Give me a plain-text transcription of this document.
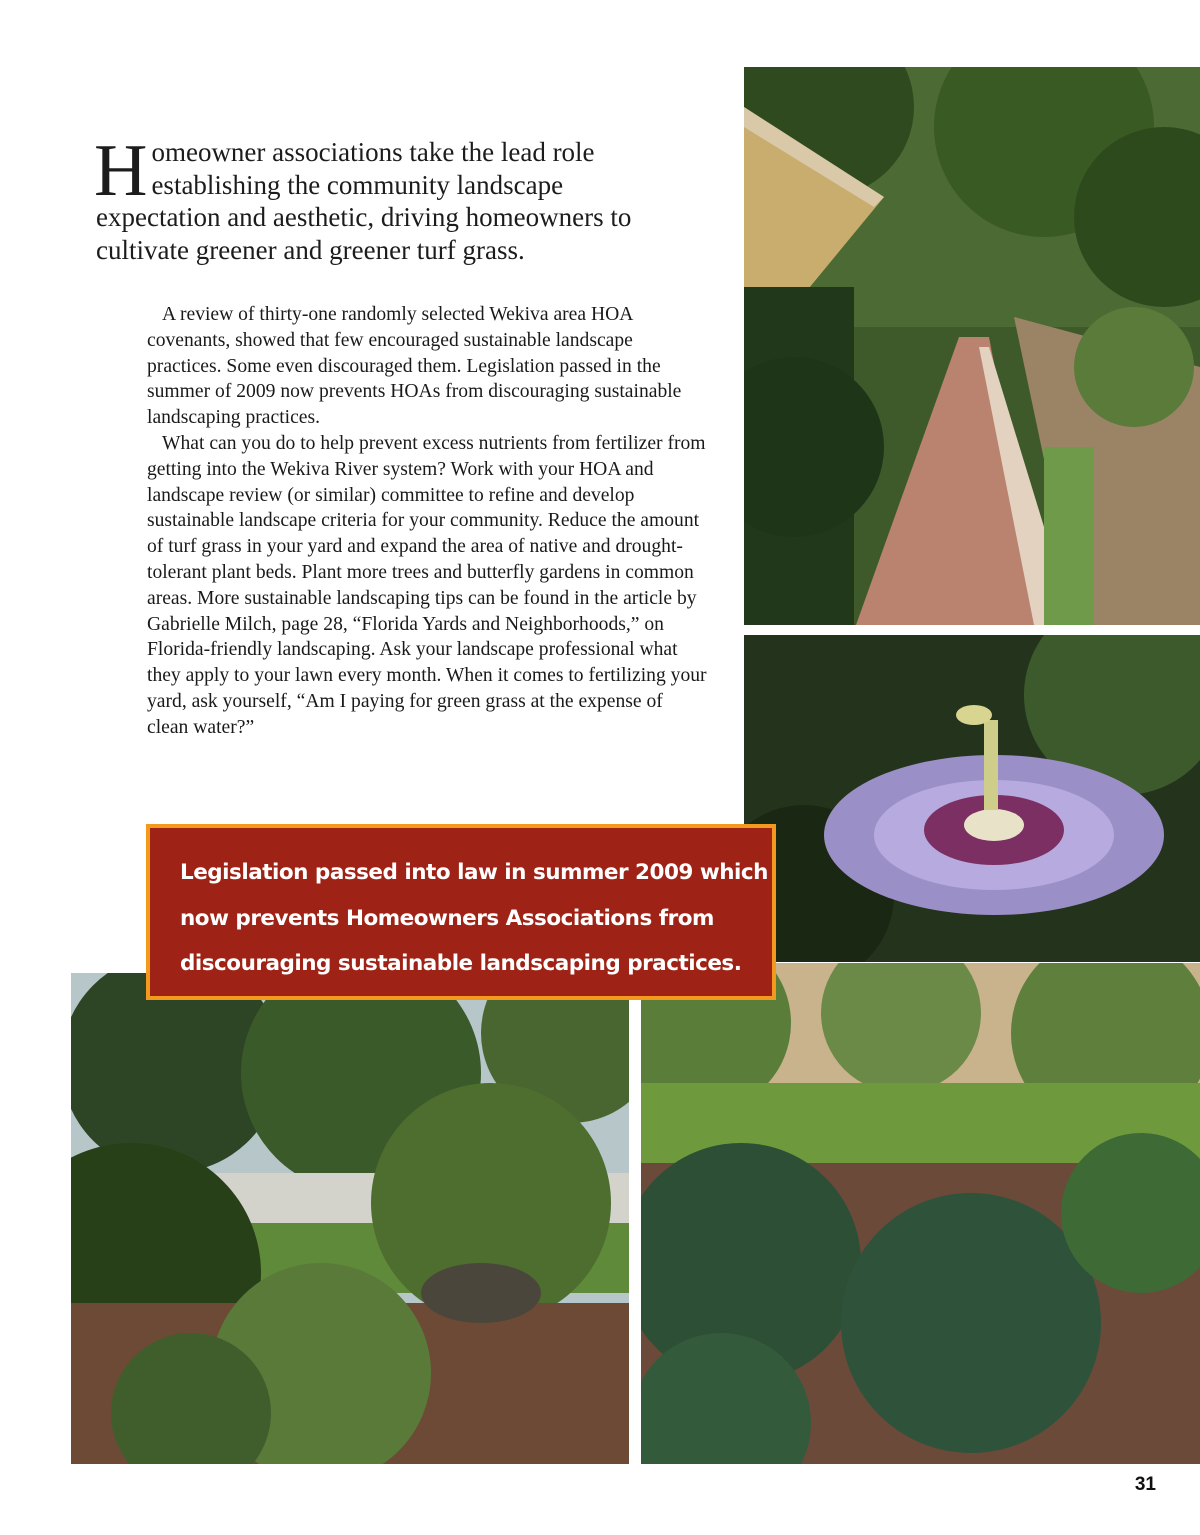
Homeowner associations take the lead role establishing the community landscape expectation and aesthetic, driving homeowners to cultivate greener and greener turf grass.

A review of thirty-one randomly selected Wekiva area HOA covenants, showed that few encouraged sustainable landscape practices. Some even discouraged them. Legislation passed in the summer of 2009 now prevents HOAs from discouraging sustainable landscaping practices.

What can you do to help prevent excess nutrients from fertilizer from getting into the Wekiva River system? Work with your HOA and landscape review (or similar) committee to refine and develop sustainable landscape criteria for your community. Reduce the amount of turf grass in your yard and expand the area of native and drought- tolerant plant beds. Plant more trees and butterfly gardens in common areas. More sustainable landscaping tips can be found in the article by Gabrielle Milch, page 28, “Florida Yards and Neighborhoods,” on Florida-friendly landscaping. Ask your landscape professional what they apply to your lawn every month. When it comes to fertilizing your yard, ask yourself, “Am I paying for green grass at the expense of clean water?”

Legislation passed into law in summer 2009 which now prevents Homeowners Associations from discouraging sustainable landscaping practices.
31
